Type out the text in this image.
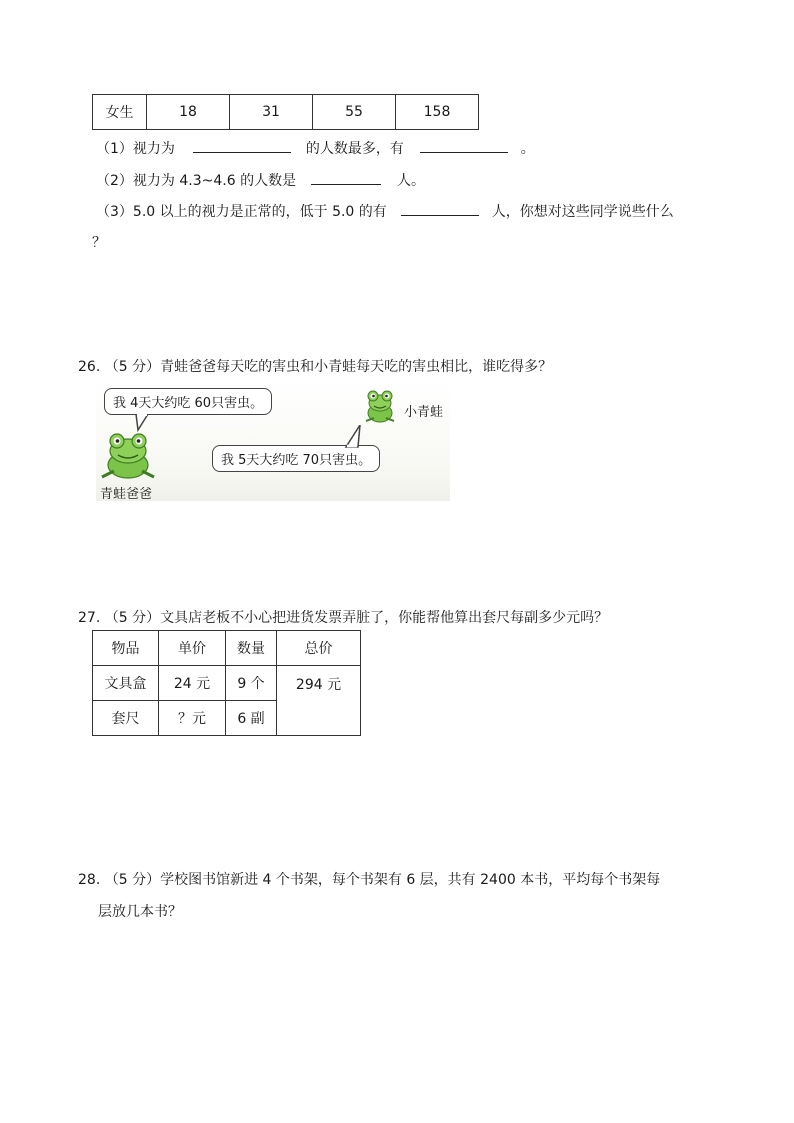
女生	18	31	55	158
（1）视力为	的人数最多，有	。
（2）视力为 4.3~4.6 的人数是	人。
（3）5.0 以上的视力是正常的，低于 5.0 的有	人，你想对这些同学说些什么
？
26. （5 分）青蛙爸爸每天吃的害虫和小青蛙每天吃的害虫相比，谁吃得多？
我 4天大约吃 60只害虫。
我 5天大约吃 70只害虫。
小青蛙
青蛙爸爸
27. （5 分）文具店老板不小心把进货发票弄脏了，你能帮他算出套尺每副多少元吗？
物品	单价	数量	总价
文具盒	24 元	9 个	294 元
套尺	？元	6 副	
28. （5 分）学校图书馆新进 4 个书架，每个书架有 6 层，共有 2400 本书，平均每个书架每
层放几本书？
